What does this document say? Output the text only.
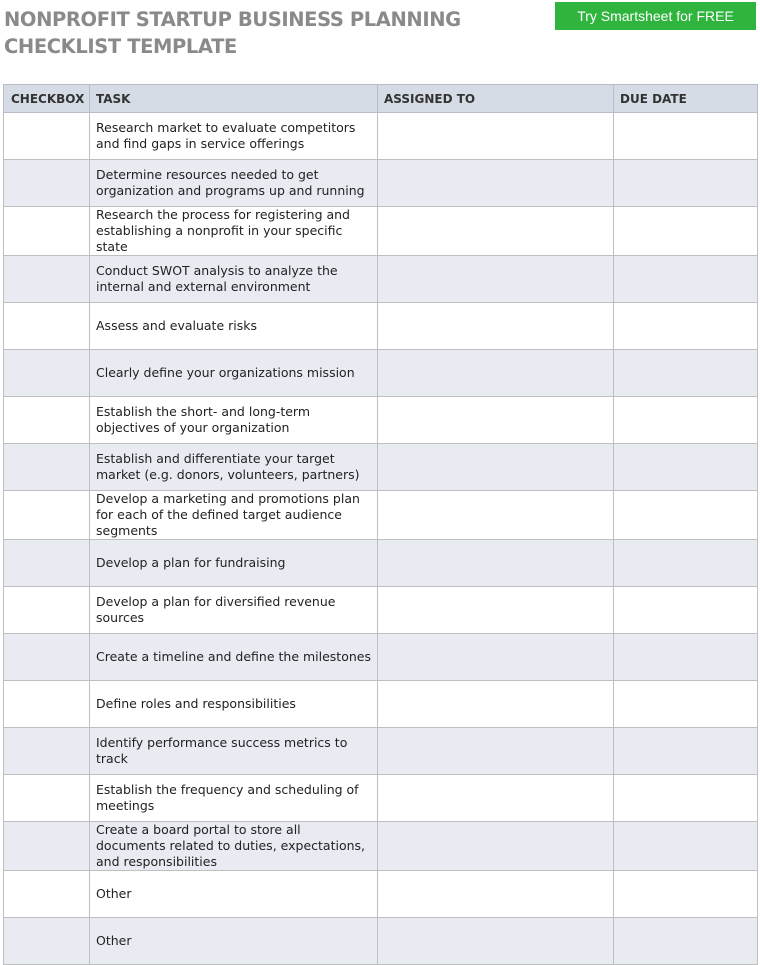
NONPROFIT STARTUP BUSINESS PLANNING
CHECKLIST TEMPLATE
Try Smartsheet for FREE
CHECKBOX	TASK	ASSIGNED TO	DUE DATE
	Research market to evaluate competitors and find gaps in service offerings		
	Determine resources needed to get organization and programs up and running		
	Research the process for registering and establishing a nonprofit in your specific state		
	Conduct SWOT analysis to analyze the internal and external environment		
	Assess and evaluate risks		
	Clearly define your organizations mission		
	Establish the short- and long-term objectives of your organization		
	Establish and differentiate your target market (e.g. donors, volunteers, partners)		
	Develop a marketing and promotions plan for each of the defined target audience segments		
	Develop a plan for fundraising		
	Develop a plan for diversified revenue sources		
	Create a timeline and define the milestones		
	Define roles and responsibilities		
	Identify performance success metrics to track		
	Establish the frequency and scheduling of meetings		
	Create a board portal to store all documents related to duties, expectations, and responsibilities		
	Other		
	Other		
